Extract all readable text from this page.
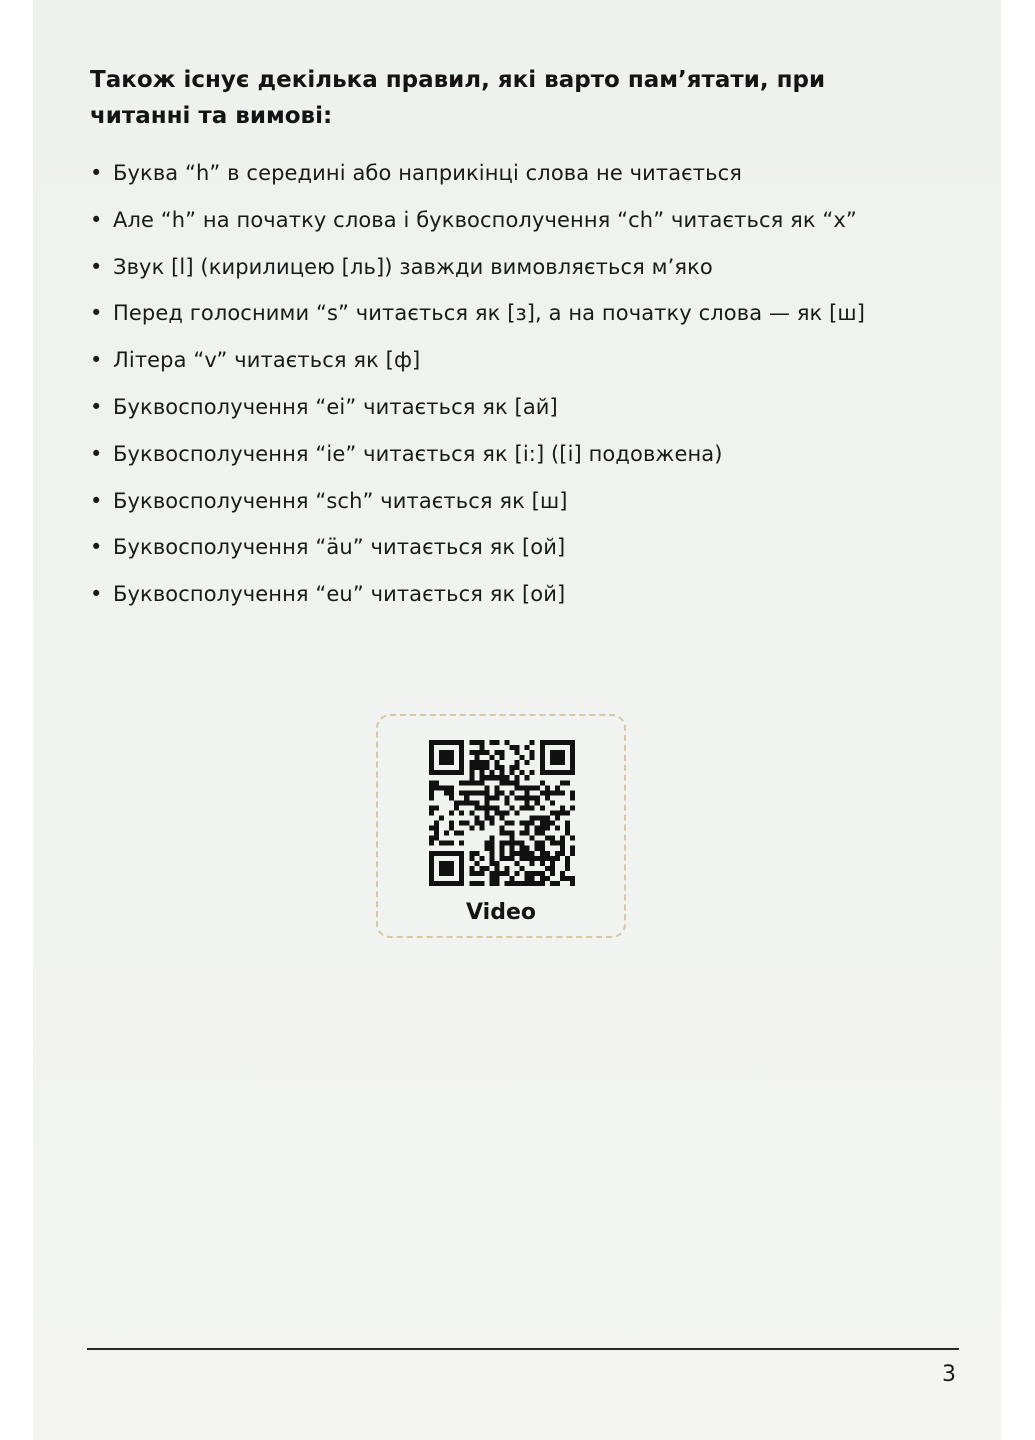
Також існує декілька правил, які варто пам’ятати, при читанні та вимові:
• Буква “h” в середині або наприкінці слова не читається
• Але “h” на початку слова і буквосполучення “ch” читається як “х”
• Звук [l] (кирилицею [ль]) завжди вимовляється м’яко
• Перед голосними “s” читається як [з], а на початку слова — як [ш]
• Літера “v” читається як [ф]
• Буквосполучення “ei” читається як [ай]
• Буквосполучення “ie” читається як [і:] ([і] подовжена)
• Буквосполучення “sch” читається як [ш]
• Буквосполучення “äu” читається як [ой]
• Буквосполучення “eu” читається як [ой]
Video
3
